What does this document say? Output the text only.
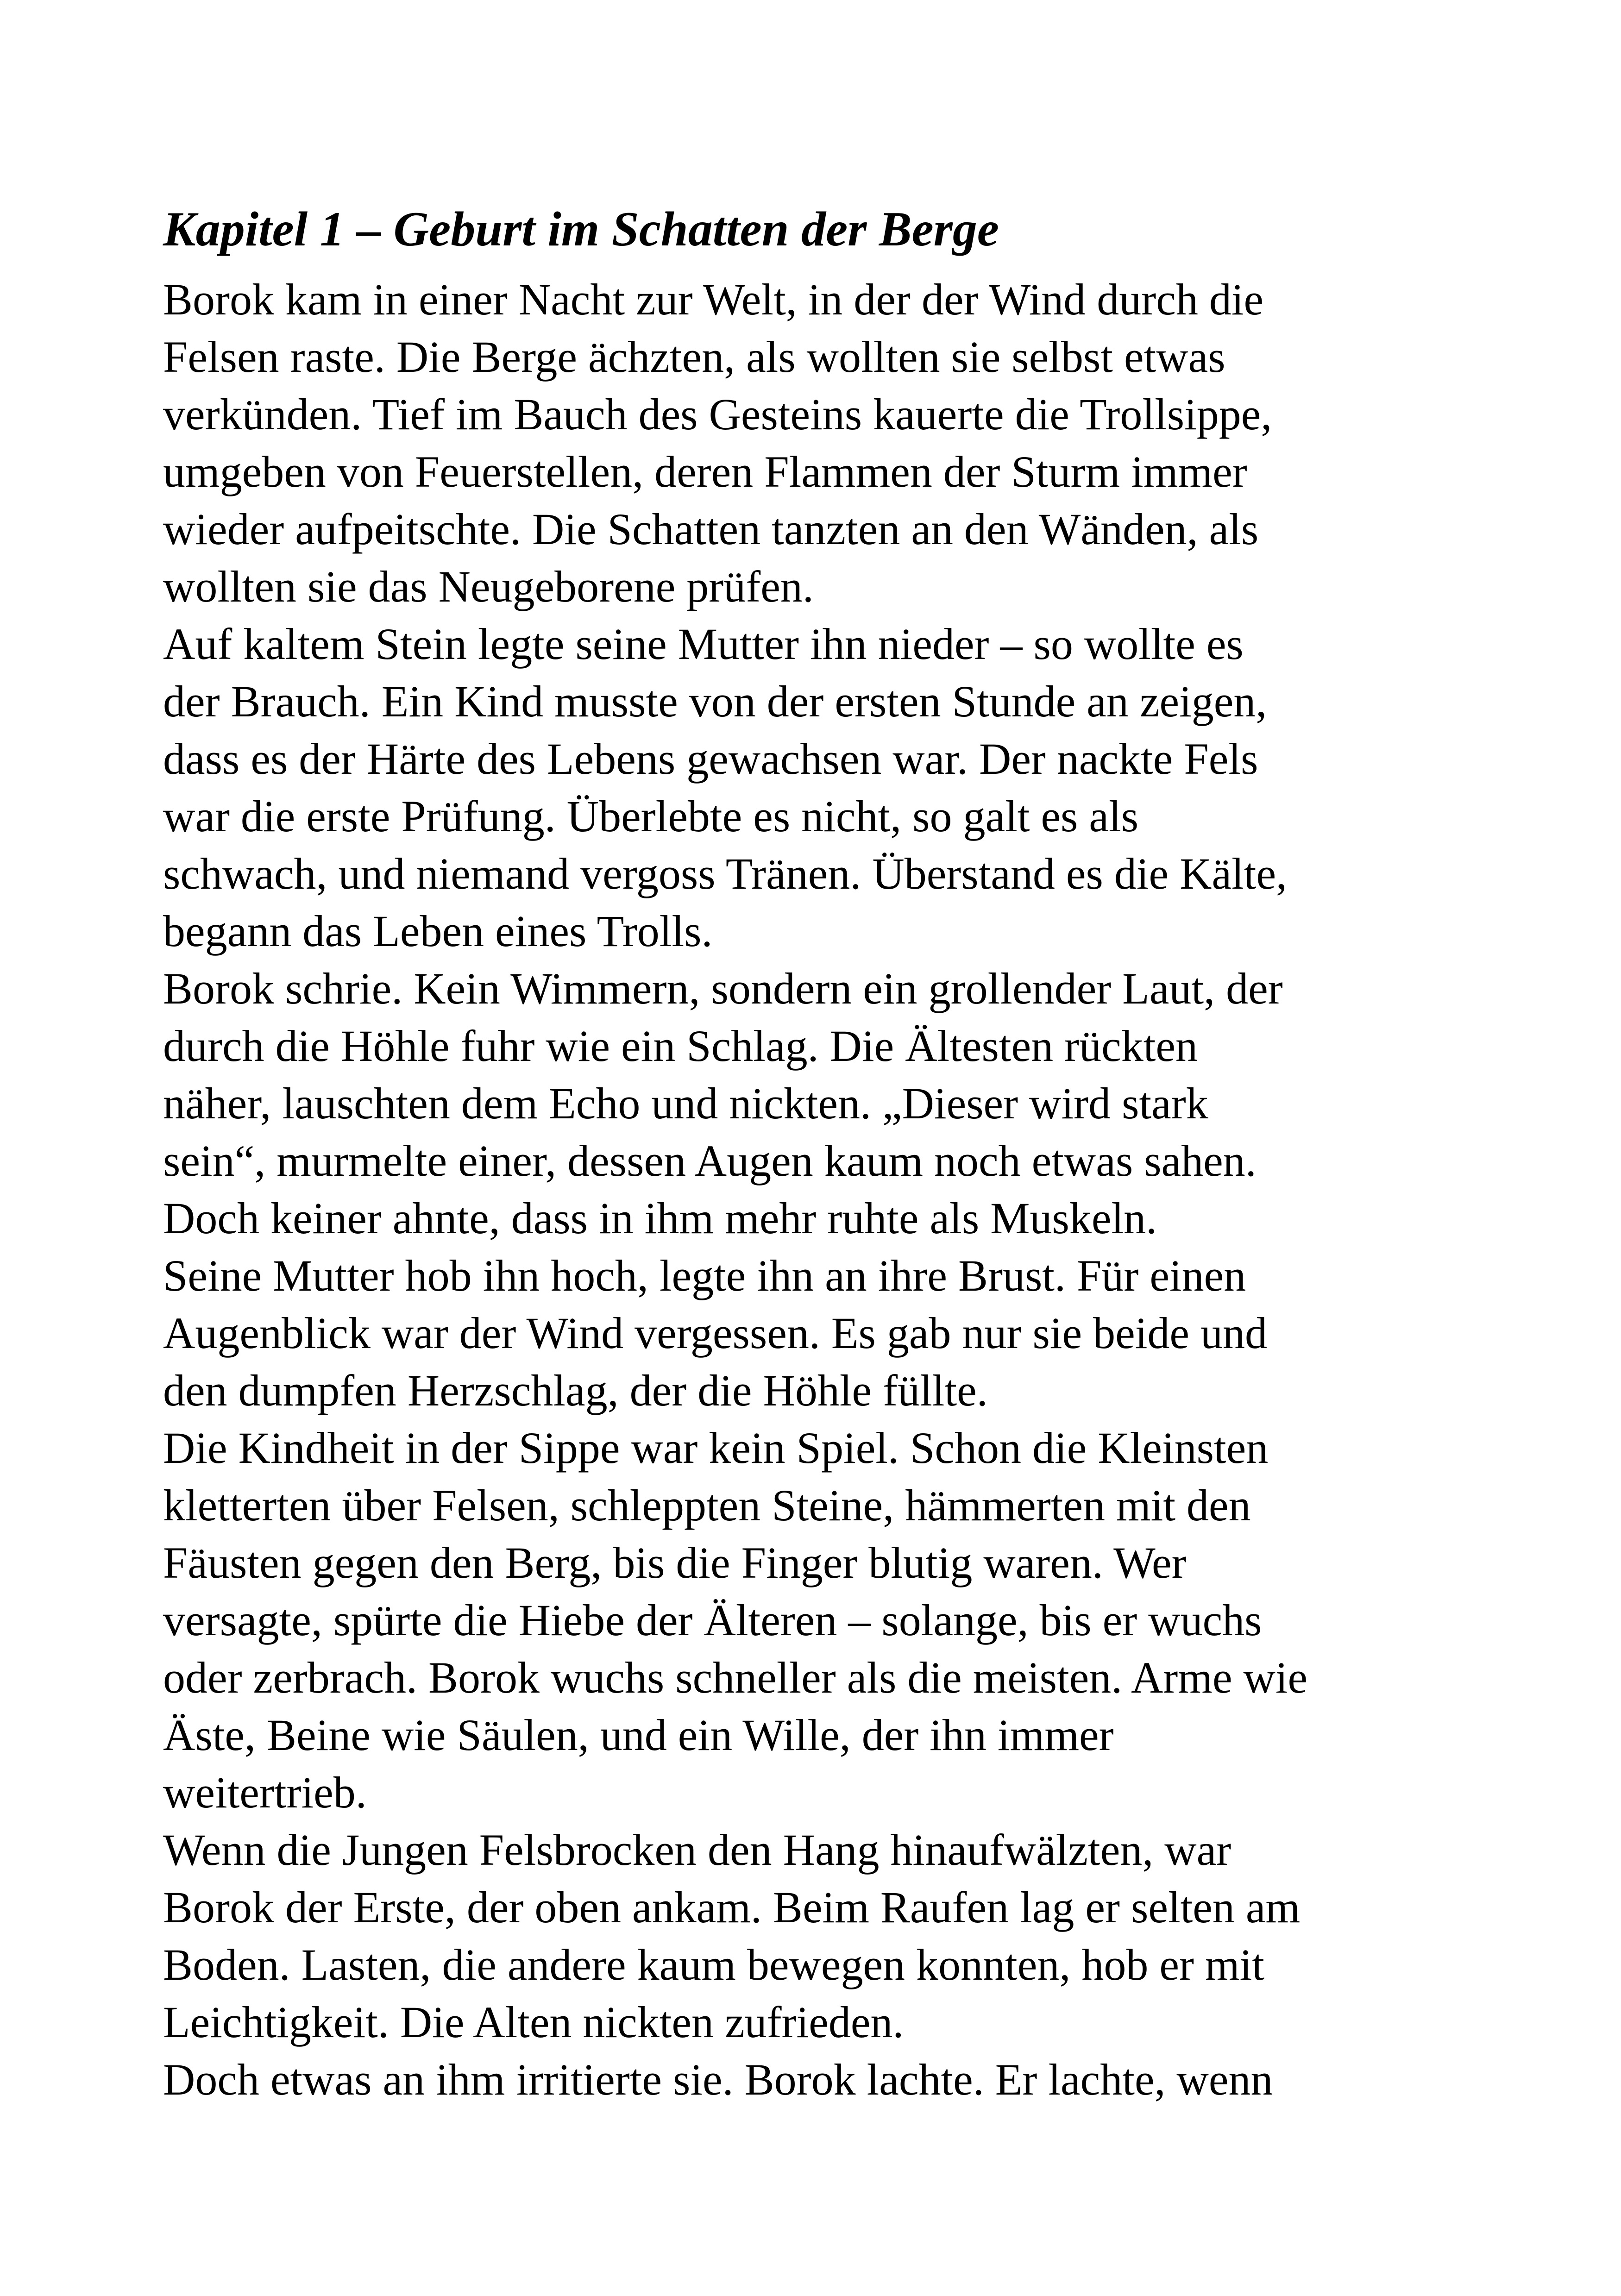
Kapitel 1 – Geburt im Schatten der Berge

Borok kam in einer Nacht zur Welt, in der der Wind durch die

Felsen raste. Die Berge ächzten, als wollten sie selbst etwas

verkünden. Tief im Bauch des Gesteins kauerte die Trollsippe,

umgeben von Feuerstellen, deren Flammen der Sturm immer

wieder aufpeitschte. Die Schatten tanzten an den Wänden, als

wollten sie das Neugeborene prüfen.

Auf kaltem Stein legte seine Mutter ihn nieder – so wollte es

der Brauch. Ein Kind musste von der ersten Stunde an zeigen,

dass es der Härte des Lebens gewachsen war. Der nackte Fels

war die erste Prüfung. Überlebte es nicht, so galt es als

schwach, und niemand vergoss Tränen. Überstand es die Kälte,

begann das Leben eines Trolls.

Borok schrie. Kein Wimmern, sondern ein grollender Laut, der

durch die Höhle fuhr wie ein Schlag. Die Ältesten rückten

näher, lauschten dem Echo und nickten. „Dieser wird stark

sein“, murmelte einer, dessen Augen kaum noch etwas sahen.

Doch keiner ahnte, dass in ihm mehr ruhte als Muskeln.

Seine Mutter hob ihn hoch, legte ihn an ihre Brust. Für einen

Augenblick war der Wind vergessen. Es gab nur sie beide und

den dumpfen Herzschlag, der die Höhle füllte.

Die Kindheit in der Sippe war kein Spiel. Schon die Kleinsten

kletterten über Felsen, schleppten Steine, hämmerten mit den

Fäusten gegen den Berg, bis die Finger blutig waren. Wer

versagte, spürte die Hiebe der Älteren – solange, bis er wuchs

oder zerbrach. Borok wuchs schneller als die meisten. Arme wie

Äste, Beine wie Säulen, und ein Wille, der ihn immer

weitertrieb.

Wenn die Jungen Felsbrocken den Hang hinaufwälzten, war

Borok der Erste, der oben ankam. Beim Raufen lag er selten am

Boden. Lasten, die andere kaum bewegen konnten, hob er mit

Leichtigkeit. Die Alten nickten zufrieden.

Doch etwas an ihm irritierte sie. Borok lachte. Er lachte, wenn
